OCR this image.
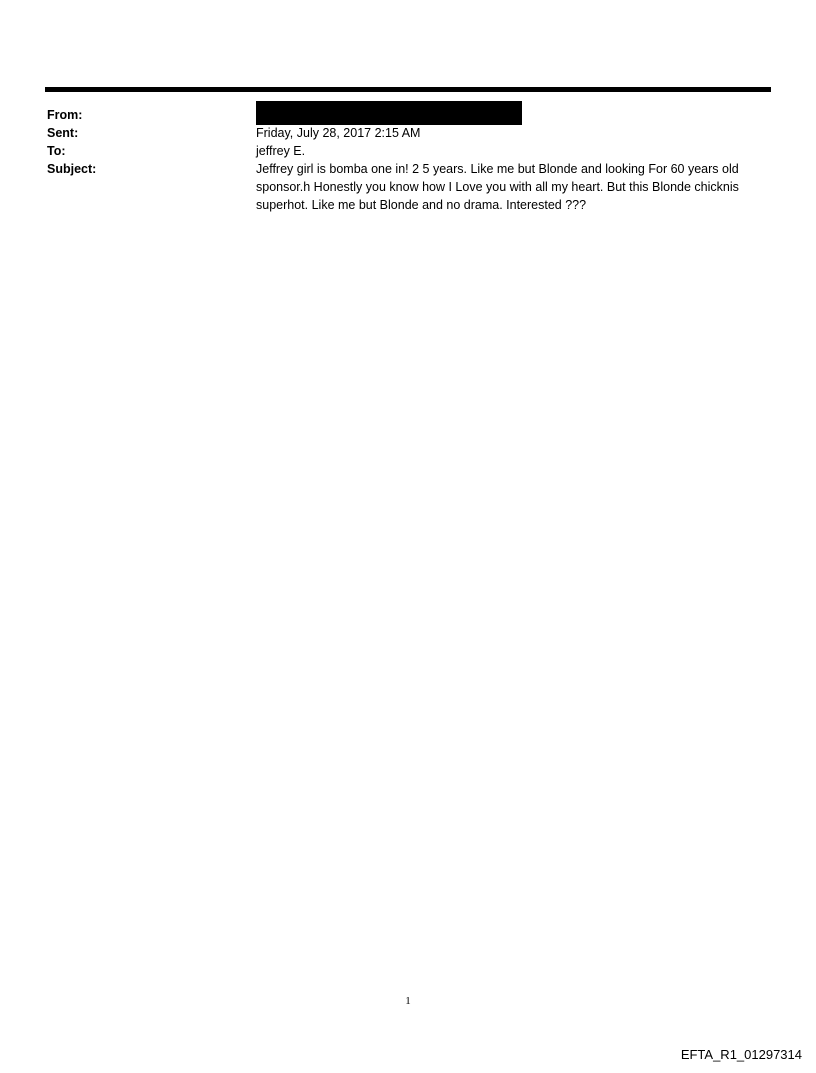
From:
Sent:	Friday, July 28, 2017 2:15 AM
To:	jeffrey E.
Subject:	Jeffrey girl is bomba one in! 2 5 years. Like me but Blonde and looking For 60 years old sponsor.h Honestly you know how I Love you with all my heart. But this Blonde chicknis superhot. Like me but Blonde and no drama. Interested ???
1
EFTA_R1_01297314
